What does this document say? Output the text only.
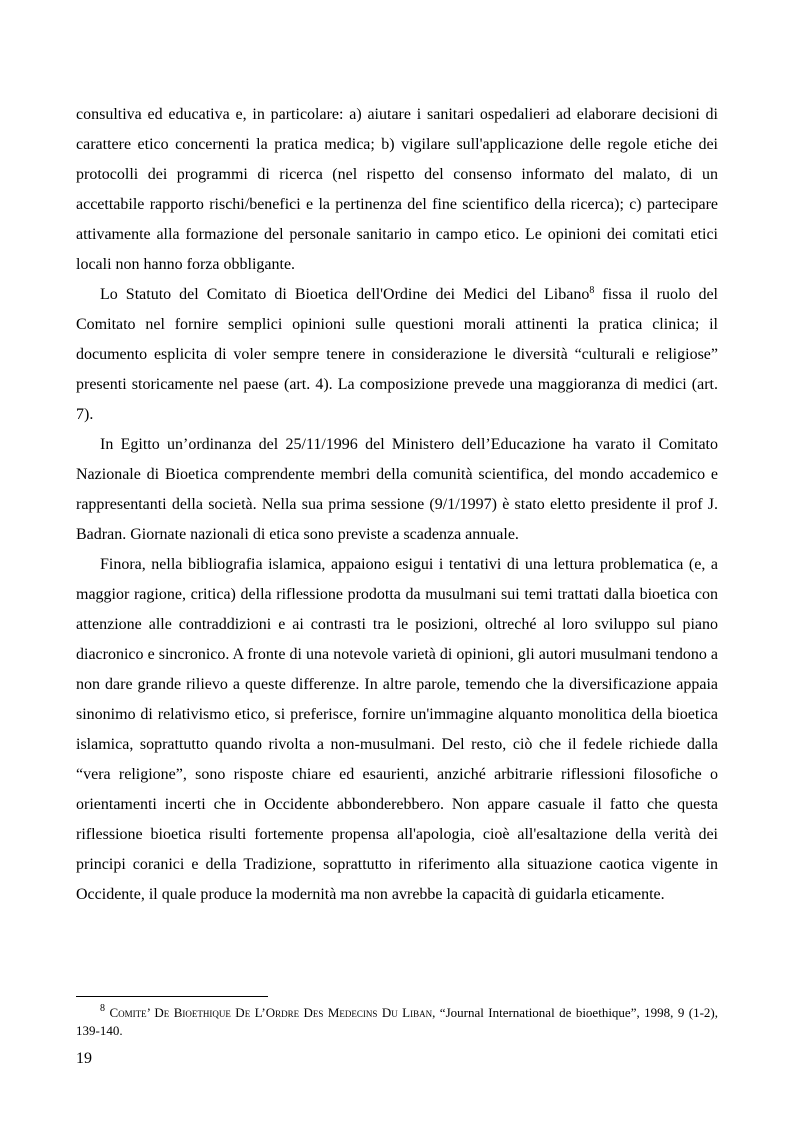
consultiva ed educativa e, in particolare: a) aiutare i sanitari ospedalieri ad elaborare decisioni di carattere etico concernenti la pratica medica; b) vigilare sull'applicazione delle regole etiche dei protocolli dei programmi di ricerca (nel rispetto del consenso informato del malato, di un accettabile rapporto rischi/benefici e la pertinenza del fine scientifico della ricerca); c) partecipare attivamente alla formazione del personale sanitario in campo etico. Le opinioni dei comitati etici locali non hanno forza obbligante.

Lo Statuto del Comitato di Bioetica dell'Ordine dei Medici del Libano$^8$ fissa il ruolo del Comitato nel fornire semplici opinioni sulle questioni morali attinenti la pratica clinica; il documento esplicita di voler sempre tenere in considerazione le diversità “culturali e religiose” presenti storicamente nel paese (art. 4). La composizione prevede una maggioranza di medici (art. 7).

In Egitto un’ordinanza del 25/11/1996 del Ministero dell’Educazione ha varato il Comitato Nazionale di Bioetica comprendente membri della comunità scientifica, del mondo accademico e rappresentanti della società. Nella sua prima sessione (9/1/1997) è stato eletto presidente il prof J. Badran. Giornate nazionali di etica sono previste a scadenza annuale.

Finora, nella bibliografia islamica, appaiono esigui i tentativi di una lettura problematica (e, a maggior ragione, critica) della riflessione prodotta da musulmani sui temi trattati dalla bioetica con attenzione alle contraddizioni e ai contrasti tra le posizioni, oltreché al loro sviluppo sul piano diacronico e sincronico. A fronte di una notevole varietà di opinioni, gli autori musulmani tendono a non dare grande rilievo a queste differenze. In altre parole, temendo che la diversificazione appaia sinonimo di relativismo etico, si preferisce, fornire un'immagine alquanto monolitica della bioetica islamica, soprattutto quando rivolta a non-musulmani. Del resto, ciò che il fedele richiede dalla “vera religione”, sono risposte chiare ed esaurienti, anziché arbitrarie riflessioni filosofiche o orientamenti incerti che in Occidente abbonderebbero. Non appare casuale il fatto che questa riflessione bioetica risulti fortemente propensa all'apologia, cioè all'esaltazione della verità dei principi coranici e della Tradizione, soprattutto in riferimento alla situazione caotica vigente in Occidente, il quale produce la modernità ma non avrebbe la capacità di guidarla eticamente.

$^8$ Comite’ De Bioethique De L’Ordre Des Medecins Du Liban, “Journal International de bioethique”, 1998, 9 (1-2), 139-140.

19
